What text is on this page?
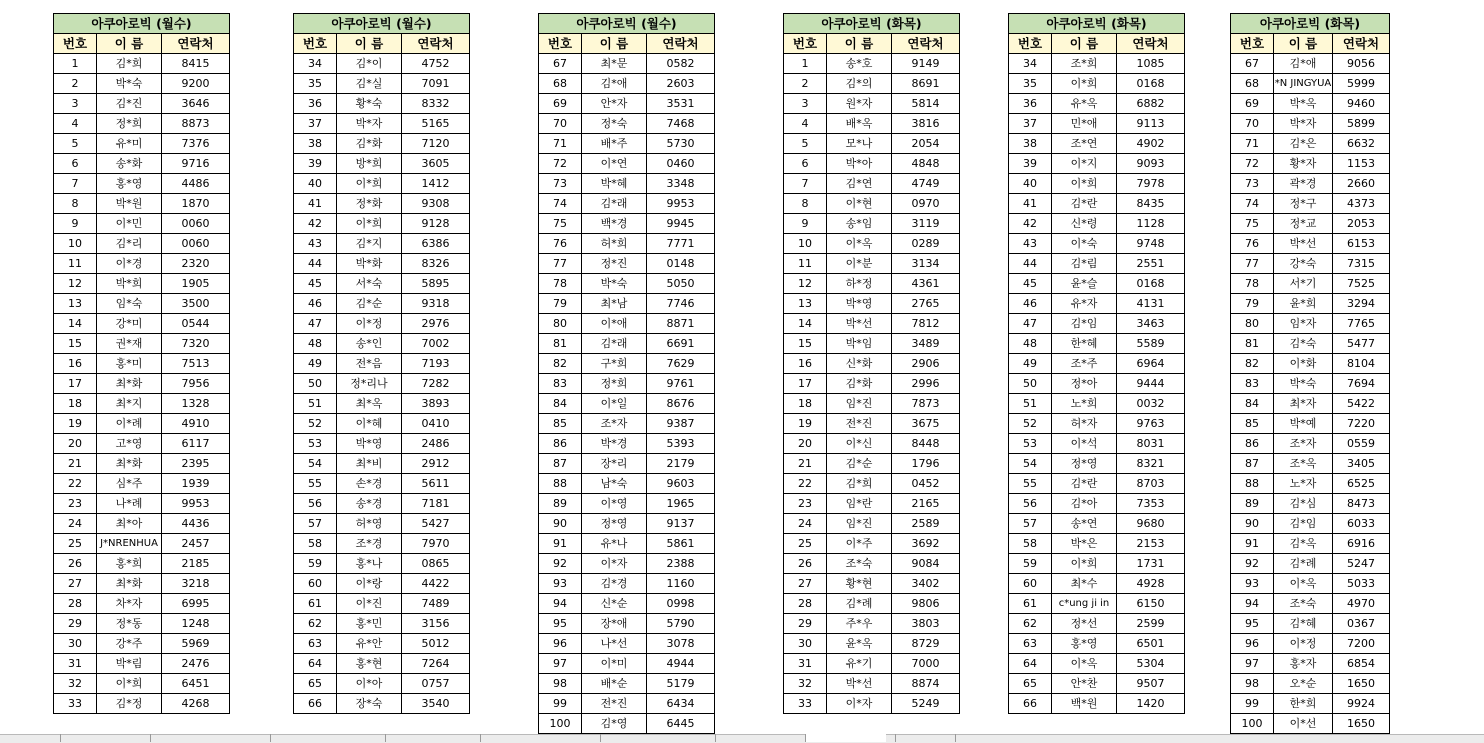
아쿠아로빅 (월수)		
번호	이 름	연락처
1	김*희	8415
2	박*숙	9200
3	김*진	3646
4	정*희	8873
5	유*미	7376
6	송*화	9716
7	홍*영	4486
8	박*원	1870
9	이*민	0060
10	김*리	0060
11	이*경	2320
12	박*희	1905
13	임*숙	3500
14	강*미	0544
15	권*재	7320
16	홍*미	7513
17	최*화	7956
18	최*지	1328
19	이*례	4910
20	고*영	6117
21	최*화	2395
22	심*주	1939
23	나*례	9953
24	최*아	4436
25	J*NRENHUA	2457
26	홍*희	2185
27	최*화	3218
28	차*자	6995
29	정*동	1248
30	강*주	5969
31	박*림	2476
32	이*희	6451
33	김*정	4268
아쿠아로빅 (월수)		
번호	이 름	연락처
34	김*이	4752
35	김*실	7091
36	황*숙	8332
37	박*자	5165
38	김*화	7120
39	방*희	3605
40	이*희	1412
41	정*화	9308
42	이*희	9128
43	김*지	6386
44	박*화	8326
45	서*숙	5895
46	김*순	9318
47	이*정	2976
48	송*인	7002
49	전*음	7193
50	정*리나	7282
51	최*옥	3893
52	이*혜	0410
53	박*영	2486
54	최*비	2912
55	손*경	5611
56	송*경	7181
57	허*영	5427
58	조*경	7970
59	홍*나	0865
60	이*랑	4422
61	이*진	7489
62	홍*민	3156
63	유*안	5012
64	홍*현	7264
65	이*아	0757
66	장*숙	3540
아쿠아로빅 (월수)		
번호	이 름	연락처
67	최*문	0582
68	김*애	2603
69	안*자	3531
70	정*숙	7468
71	배*주	5730
72	이*연	0460
73	박*혜	3348
74	김*래	9953
75	백*경	9945
76	허*희	7771
77	정*진	0148
78	박*숙	5050
79	최*남	7746
80	이*애	8871
81	김*래	6691
82	구*희	7629
83	정*희	9761
84	이*일	8676
85	조*자	9387
86	박*경	5393
87	장*리	2179
88	남*숙	9603
89	이*영	1965
90	정*영	9137
91	유*나	5861
92	이*자	2388
93	김*경	1160
94	신*순	0998
95	장*애	5790
96	나*선	3078
97	이*미	4944
98	배*순	5179
99	전*진	6434
100	김*영	6445
아쿠아로빅 (화목)		
번호	이 름	연락처
1	송*호	9149
2	김*의	8691
3	원*자	5814
4	배*옥	3816
5	모*나	2054
6	박*아	4848
7	김*연	4749
8	이*현	0970
9	송*임	3119
10	이*옥	0289
11	이*분	3134
12	하*정	4361
13	박*영	2765
14	박*선	7812
15	박*임	3489
16	신*화	2906
17	김*화	2996
18	임*진	7873
19	전*진	3675
20	이*신	8448
21	김*순	1796
22	김*희	0452
23	임*란	2165
24	임*진	2589
25	이*주	3692
26	조*숙	9084
27	황*현	3402
28	김*례	9806
29	주*우	3803
30	윤*옥	8729
31	유*기	7000
32	박*선	8874
33	이*자	5249
아쿠아로빅 (화목)		
번호	이 름	연락처
34	조*희	1085
35	이*희	0168
36	유*옥	6882
37	민*애	9113
38	조*연	4902
39	이*지	9093
40	이*희	7978
41	김*란	8435
42	신*령	1128
43	이*숙	9748
44	김*림	2551
45	윤*슬	0168
46	유*자	4131
47	김*임	3463
48	한*혜	5589
49	조*주	6964
50	정*아	9444
51	노*희	0032
52	허*자	9763
53	이*석	8031
54	정*영	8321
55	김*란	8703
56	김*아	7353
57	송*연	9680
58	박*은	2153
59	이*희	1731
60	최*수	4928
61	c*ung ji in	6150
62	정*선	2599
63	홍*영	6501
64	이*옥	5304
65	안*찬	9507
66	백*원	1420
아쿠아로빅 (화목)		
번호	이 름	연락처
67	김*애	9056
68	*N JINGYUA	5999
69	박*옥	9460
70	박*자	5899
71	김*은	6632
72	황*자	1153
73	곽*경	2660
74	정*구	4373
75	정*교	2053
76	박*선	6153
77	강*숙	7315
78	서*기	7525
79	윤*희	3294
80	임*자	7765
81	김*숙	5477
82	이*화	8104
83	박*숙	7694
84	최*자	5422
85	박*예	7220
86	조*자	0559
87	조*옥	3405
88	노*자	6525
89	김*심	8473
90	김*임	6033
91	김*옥	6916
92	김*례	5247
93	이*옥	5033
94	조*숙	4970
95	김*혜	0367
96	이*정	7200
97	홍*자	6854
98	오*순	1650
99	한*희	9924
100	이*선	1650
